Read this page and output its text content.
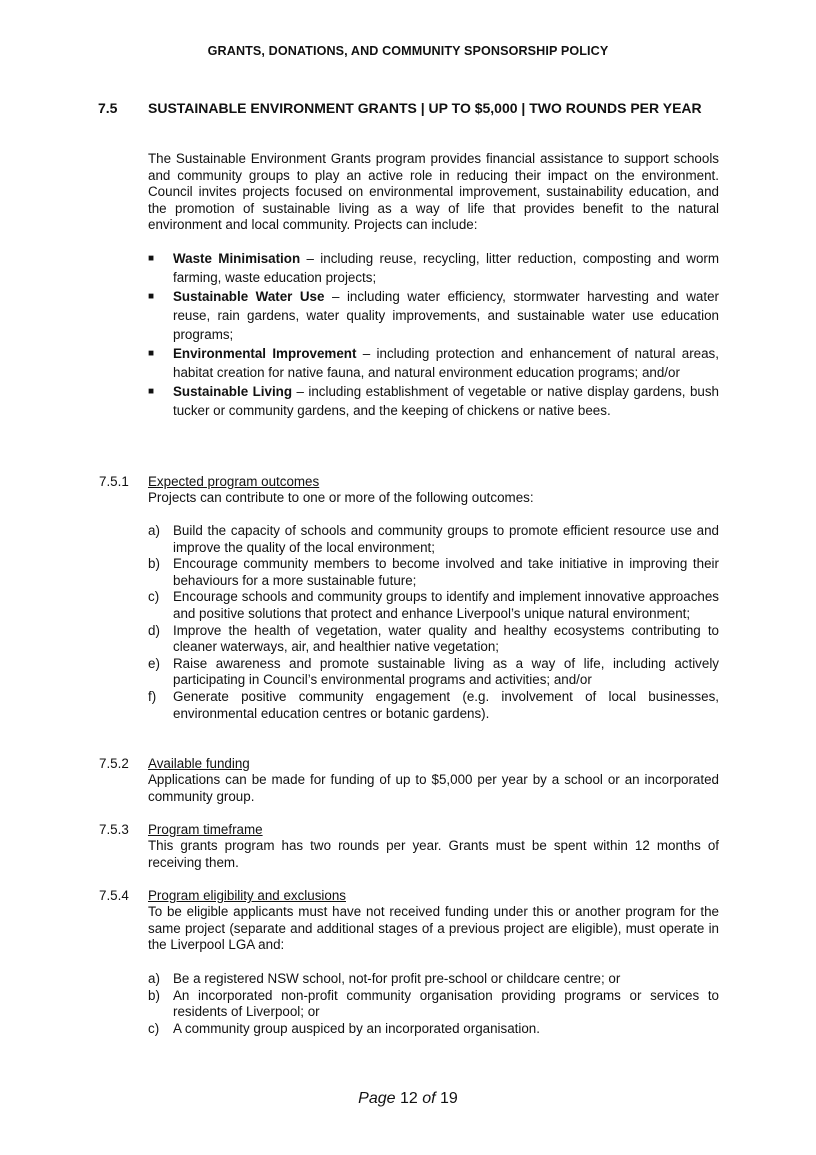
GRANTS, DONATIONS, AND COMMUNITY SPONSORSHIP POLICY
7.5 SUSTAINABLE ENVIRONMENT GRANTS | UP TO $5,000 | TWO ROUNDS PER YEAR
The Sustainable Environment Grants program provides financial assistance to support schools and community groups to play an active role in reducing their impact on the environment. Council invites projects focused on environmental improvement, sustainability education, and the promotion of sustainable living as a way of life that provides benefit to the natural environment and local community. Projects can include:
■ Waste Minimisation – including reuse, recycling, litter reduction, composting and worm farming, waste education projects;
■ Sustainable Water Use – including water efficiency, stormwater harvesting and water reuse, rain gardens, water quality improvements, and sustainable water use education programs;
■ Environmental Improvement – including protection and enhancement of natural areas, habitat creation for native fauna, and natural environment education programs; and/or
■ Sustainable Living – including establishment of vegetable or native display gardens, bush tucker or community gardens, and the keeping of chickens or native bees.
7.5.1 Expected program outcomes
Projects can contribute to one or more of the following outcomes:
a) Build the capacity of schools and community groups to promote efficient resource use and improve the quality of the local environment;
b) Encourage community members to become involved and take initiative in improving their behaviours for a more sustainable future;
c) Encourage schools and community groups to identify and implement innovative approaches and positive solutions that protect and enhance Liverpool’s unique natural environment;
d) Improve the health of vegetation, water quality and healthy ecosystems contributing to cleaner waterways, air, and healthier native vegetation;
e) Raise awareness and promote sustainable living as a way of life, including actively participating in Council’s environmental programs and activities; and/or
f) Generate positive community engagement (e.g. involvement of local businesses, environmental education centres or botanic gardens).
7.5.2 Available funding
Applications can be made for funding of up to $5,000 per year by a school or an incorporated community group.
7.5.3 Program timeframe
This grants program has two rounds per year. Grants must be spent within 12 months of receiving them.
7.5.4 Program eligibility and exclusions
To be eligible applicants must have not received funding under this or another program for the same project (separate and additional stages of a previous project are eligible), must operate in the Liverpool LGA and:
a) Be a registered NSW school, not-for profit pre-school or childcare centre; or
b) An incorporated non-profit community organisation providing programs or services to residents of Liverpool; or
c) A community group auspiced by an incorporated organisation.
Page 12 of 19
